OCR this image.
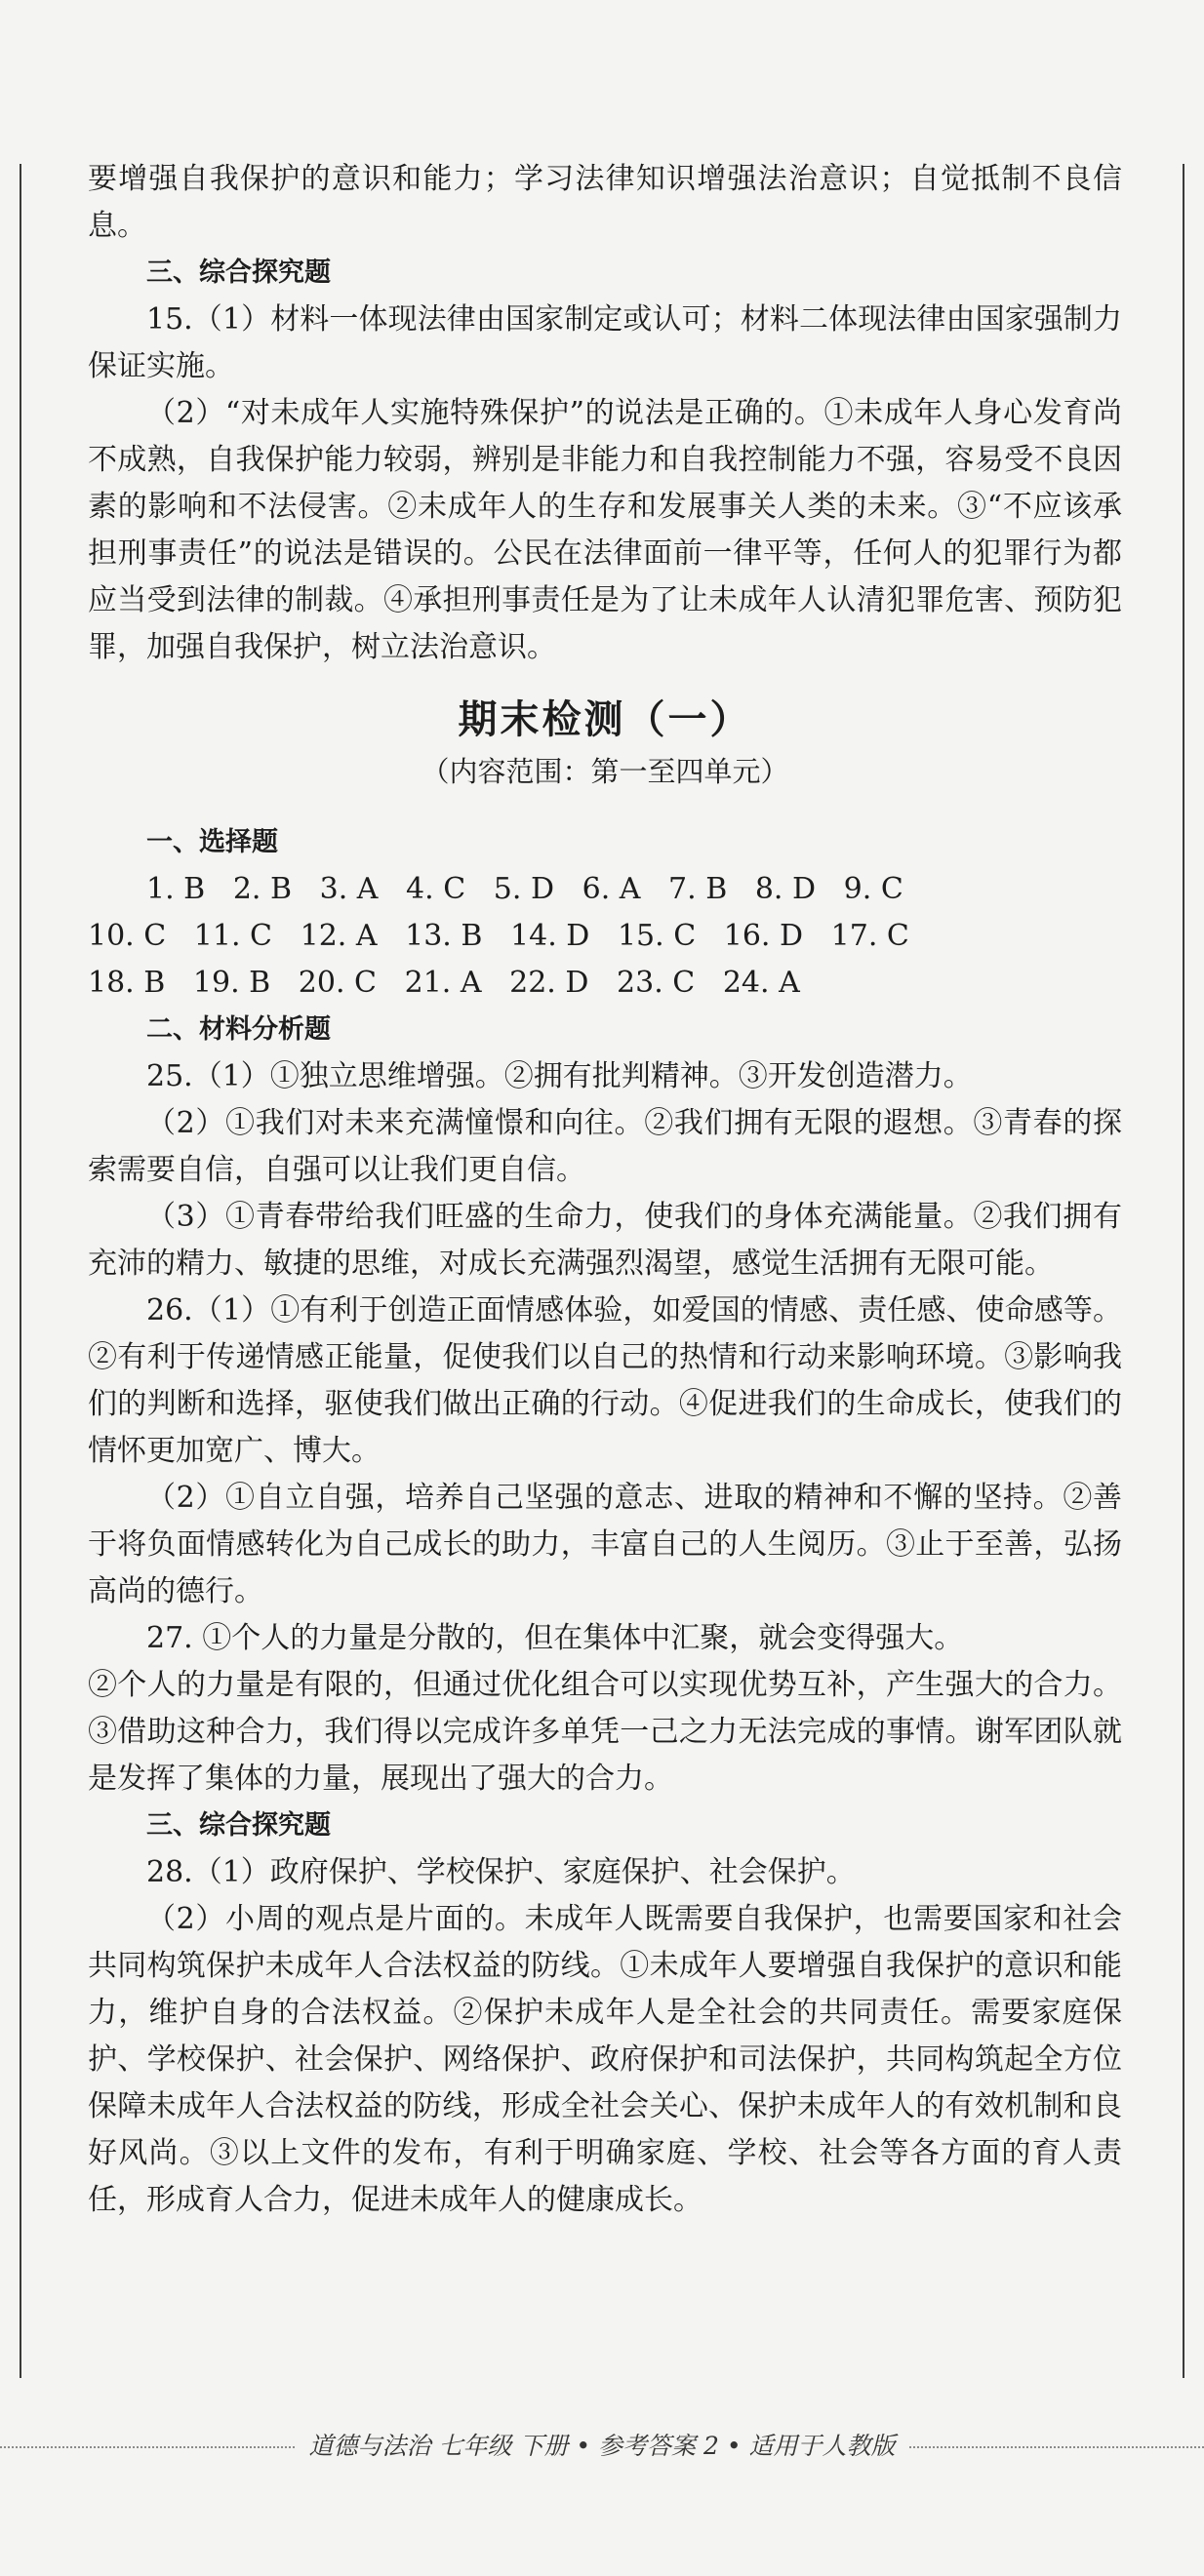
要增强自我保护的意识和能力；学习法律知识增强法治意识；自觉抵制不良信息。

三、综合探究题

15.（1）材料一体现法律由国家制定或认可；材料二体现法律由国家强制力保证实施。

（2）“对未成年人实施特殊保护”的说法是正确的。①未成年人身心发育尚不成熟，自我保护能力较弱，辨别是非能力和自我控制能力不强，容易受不良因素的影响和不法侵害。②未成年人的生存和发展事关人类的未来。③“不应该承担刑事责任”的说法是错误的。公民在法律面前一律平等，任何人的犯罪行为都应当受到法律的制裁。④承担刑事责任是为了让未成年人认清犯罪危害、预防犯罪，加强自我保护，树立法治意识。

期末检测（一）
（内容范围：第一至四单元）

一、选择题

1. B   2. B   3. A   4. C   5. D   6. A   7. B   8. D   9. C

10. C   11. C   12. A   13. B   14. D   15. C   16. D   17. C

18. B   19. B   20. C   21. A   22. D   23. C   24. A

二、材料分析题

25.（1）①独立思维增强。②拥有批判精神。③开发创造潜力。

（2）①我们对未来充满憧憬和向往。②我们拥有无限的遐想。③青春的探索需要自信，自强可以让我们更自信。

（3）①青春带给我们旺盛的生命力，使我们的身体充满能量。②我们拥有充沛的精力、敏捷的思维，对成长充满强烈渴望，感觉生活拥有无限可能。

26.（1）①有利于创造正面情感体验，如爱国的情感、责任感、使命感等。②有利于传递情感正能量，促使我们以自己的热情和行动来影响环境。③影响我们的判断和选择，驱使我们做出正确的行动。④促进我们的生命成长，使我们的情怀更加宽广、博大。

（2）①自立自强，培养自己坚强的意志、进取的精神和不懈的坚持。②善于将负面情感转化为自己成长的助力，丰富自己的人生阅历。③止于至善，弘扬高尚的德行。

27. ①个人的力量是分散的，但在集体中汇聚，就会变得强大。

②个人的力量是有限的，但通过优化组合可以实现优势互补，产生强大的合力。③借助这种合力，我们得以完成许多单凭一己之力无法完成的事情。谢军团队就是发挥了集体的力量，展现出了强大的合力。

三、综合探究题

28.（1）政府保护、学校保护、家庭保护、社会保护。

（2）小周的观点是片面的。未成年人既需要自我保护，也需要国家和社会共同构筑保护未成年人合法权益的防线。①未成年人要增强自我保护的意识和能力，维护自身的合法权益。②保护未成年人是全社会的共同责任。需要家庭保护、学校保护、社会保护、网络保护、政府保护和司法保护，共同构筑起全方位保障未成年人合法权益的防线，形成全社会关心、保护未成年人的有效机制和良好风尚。③以上文件的发布，有利于明确家庭、学校、社会等各方面的育人责任，形成育人合力，促进未成年人的健康成长。

道德与法治 七年级 下册 • 参考答案 2 • 适用于人教版
